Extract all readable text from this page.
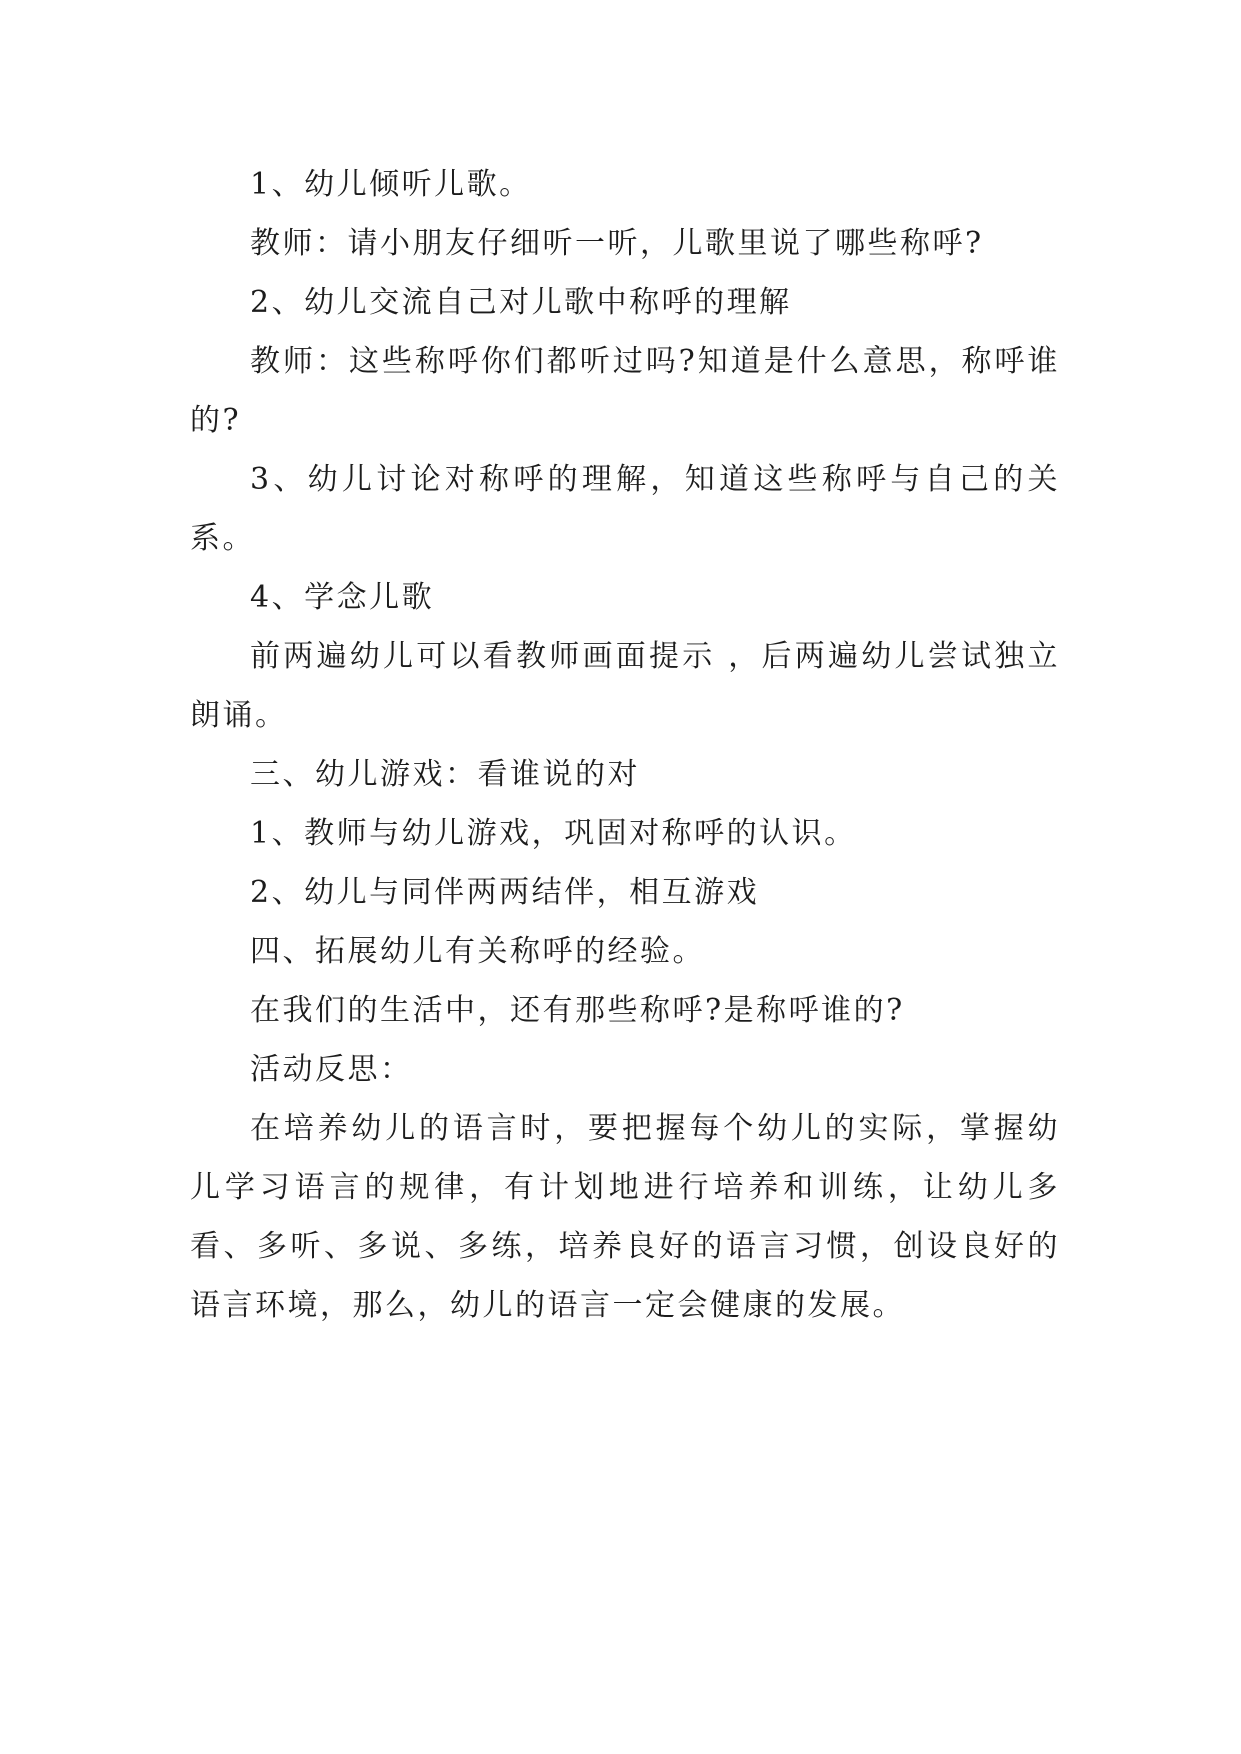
1、幼儿倾听儿歌。

教师：请小朋友仔细听一听，儿歌里说了哪些称呼?

2、幼儿交流自己对儿歌中称呼的理解

教师：这些称呼你们都听过吗?知道是什么意思，称呼谁的?

3、幼儿讨论对称呼的理解，知道这些称呼与自己的关系。

4、学念儿歌

前两遍幼儿可以看教师画面提示 ，后两遍幼儿尝试独立朗诵。

三、幼儿游戏：看谁说的对

1、教师与幼儿游戏，巩固对称呼的认识。

2、幼儿与同伴两两结伴，相互游戏

四、拓展幼儿有关称呼的经验。

在我们的生活中，还有那些称呼?是称呼谁的?

活动反思：

在培养幼儿的语言时，要把握每个幼儿的实际，掌握幼儿学习语言的规律，有计划地进行培养和训练，让幼儿多看、多听、多说、多练，培养良好的语言习惯，创设良好的语言环境，那么，幼儿的语言一定会健康的发展。
